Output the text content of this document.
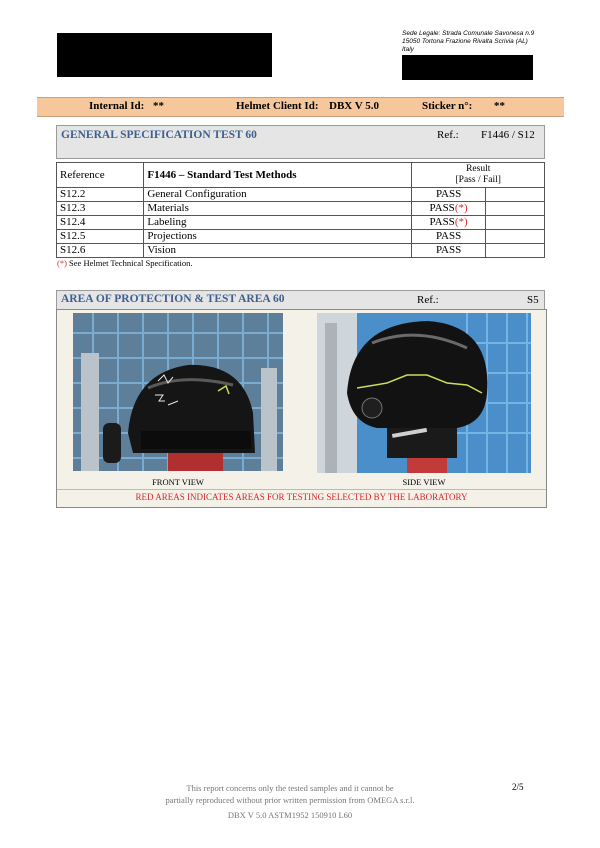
Sede Legale: Strada Comunale Savonesa n.9
15050 Tortona Frazione Rivalta Scrivia (AL)
Italy
Internal Id: **	Helmet Client Id: DBX V 5.0	Sticker n°: **
GENERAL SPECIFICATION TEST 60	Ref.: F1446 / S12
Reference	F1446 – Standard Test Methods	Result
[Pass / Fail]	

S12.2	General Configuration	PASS	
S12.3	Materials	PASS(*)	
S12.4	Labeling	PASS(*)	
S12.5	Projections	PASS	
S12.6	Vision	PASS	
(*) See Helmet Technical Specification.
AREA OF PROTECTION & TEST AREA 60	Ref.:	S5
FRONT VIEW	SIDE VIEW
RED AREAS INDICATES AREAS FOR TESTING SELECTED BY THE LABORATORY
This report concerns only the tested samples and it cannot be
partially reproduced without prior written permission from OMEGA s.r.l.
2/5
DBX V 5.0 ASTM1952 150910 L60
